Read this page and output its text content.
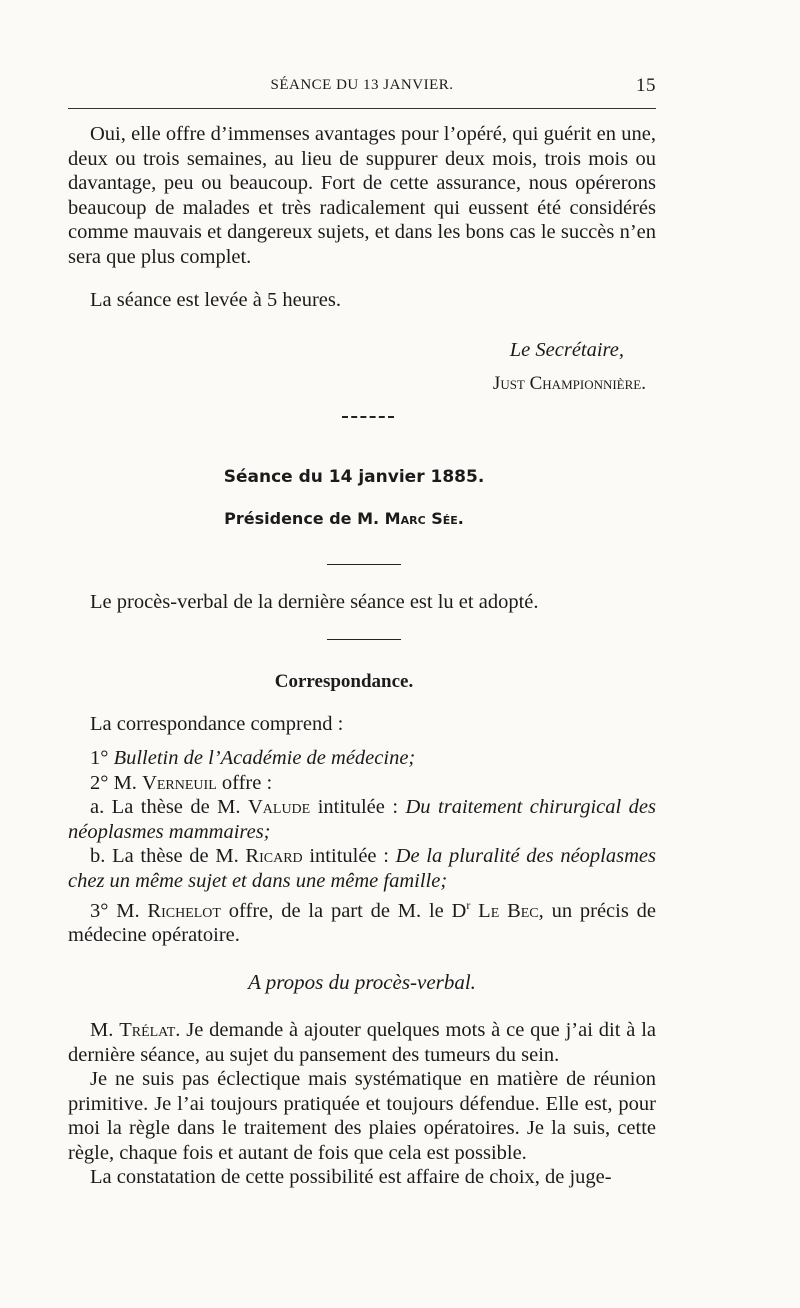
SÉANCE DU 13 JANVIER.	15

Oui, elle offre d’immenses avantages pour l’opéré, qui guérit en une, deux ou trois semaines, au lieu de suppurer deux mois, trois mois ou davantage, peu ou beaucoup. Fort de cette assurance, nous opérerons beaucoup de malades et très radicalement qui eussent été considérés comme mauvais et dangereux sujets, et dans les bons cas le succès n’en sera que plus complet.

La séance est levée à 5 heures.

Le Secrétaire,

Just Championnière.

Séance du 14 janvier 1885.

Présidence de M. Marc Sée.

Le procès-verbal de la dernière séance est lu et adopté.

Correspondance.

La correspondance comprend :

1° Bulletin de l’Académie de médecine;

2° M. Verneuil offre :

a. La thèse de M. Valude intitulée : Du traitement chirurgical des néoplasmes mammaires;

b. La thèse de M. Ricard intitulée : De la pluralité des néoplasmes chez un même sujet et dans une même famille;

3° M. Richelot offre, de la part de M. le $D^r$ Le Bec, un précis de médecine opératoire.

A propos du procès-verbal.

M. Trélat. Je demande à ajouter quelques mots à ce que j’ai dit à la dernière séance, au sujet du pansement des tumeurs du sein.

Je ne suis pas éclectique mais systématique en matière de réunion primitive. Je l’ai toujours pratiquée et toujours défendue. Elle est, pour moi la règle dans le traitement des plaies opératoires. Je la suis, cette règle, chaque fois et autant de fois que cela est possible.

La constatation de cette possibilité est affaire de choix, de juge-
